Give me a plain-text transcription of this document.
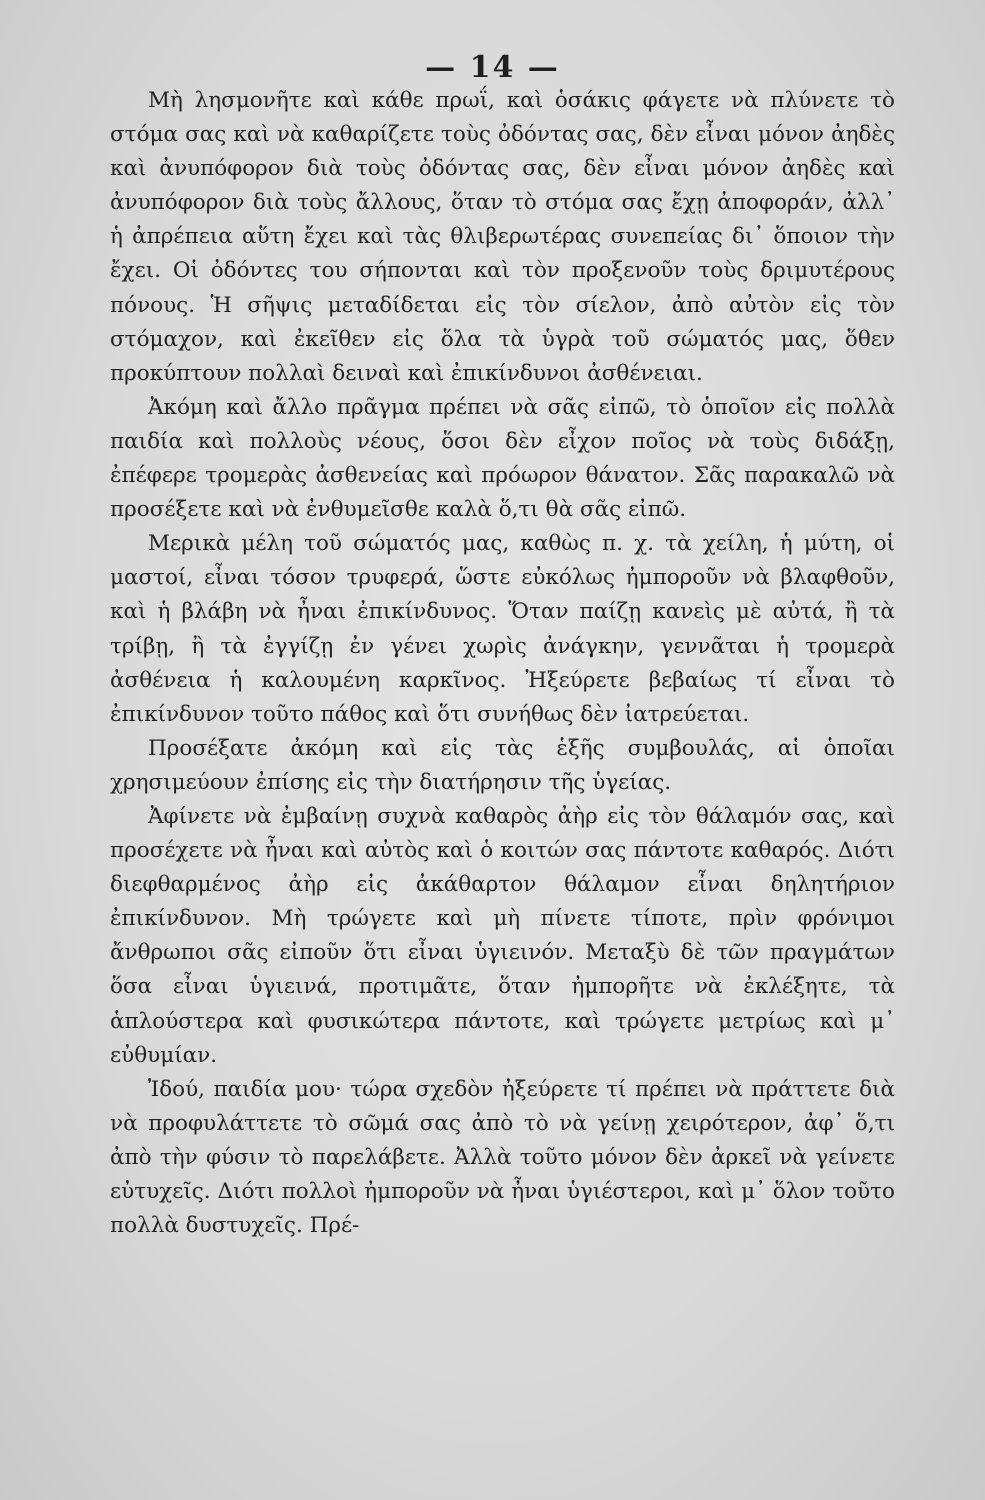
— 14 —

Μὴ λησμονῆτε καὶ κάθε πρωΐ, καὶ ὁσάκις φάγετε νὰ πλύνετε τὸ στόμα σας καὶ νὰ καθαρίζετε τοὺς ὀδόντας σας, δὲν εἶναι μόνον ἀηδὲς καὶ ἀνυπόφορον διὰ τοὺς ὀδόντας σας, δὲν εἶναι μόνον ἀηδὲς καὶ ἀνυπόφορον διὰ τοὺς ἄλλους, ὅταν τὸ στόμα σας ἔχῃ ἀποφοράν, ἀλλ᾽ ἡ ἀπρέπεια αὕτη ἔχει καὶ τὰς θλιβερωτέρας συνεπείας δι᾽ ὅποιον τὴν ἔχει. Οἱ ὀδόντες του σήπονται καὶ τὸν προξενοῦν τοὺς δριμυτέρους πόνους. Ἡ σῆψις μεταδίδεται εἰς τὸν σίελον, ἀπὸ αὐτὸν εἰς τὸν στόμαχον, καὶ ἐκεῖθεν εἰς ὅλα τὰ ὑγρὰ τοῦ σώματός μας, ὅθεν προκύπτουν πολλαὶ δειναὶ καὶ ἐπικίνδυνοι ἀσθένειαι.

Ἀκόμη καὶ ἄλλο πρᾶγμα πρέπει νὰ σᾶς εἰπῶ, τὸ ὁποῖον εἰς πολλὰ παιδία καὶ πολλοὺς νέους, ὅσοι δὲν εἶχον ποῖος νὰ τοὺς διδάξῃ, ἐπέφερε τρομερὰς ἀσθενείας καὶ πρόωρον θάνατον. Σᾶς παρακαλῶ νὰ προσέξετε καὶ νὰ ἐνθυμεῖσθε καλὰ ὅ,τι θὰ σᾶς εἰπῶ.

Μερικὰ μέλη τοῦ σώματός μας, καθὼς π. χ. τὰ χείλη, ἡ μύτη, οἱ μαστοί, εἶναι τόσον τρυφερά, ὥστε εὐκόλως ἠμποροῦν νὰ βλαφθοῦν, καὶ ἡ βλάβη νὰ ἦναι ἐπικίνδυνος. Ὅταν παίζῃ κανεὶς μὲ αὐτά, ἢ τὰ τρίβῃ, ἢ τὰ ἐγγίζῃ ἐν γένει χωρὶς ἀνάγκην, γεννᾶται ἡ τρομερὰ ἀσθένεια ἡ καλουμένη καρκῖνος. Ἠξεύρετε βεβαίως τί εἶναι τὸ ἐπικίνδυνον τοῦτο πάθος καὶ ὅτι συνήθως δὲν ἰατρεύεται.

Προσέξατε ἀκόμη καὶ εἰς τὰς ἑξῆς συμβουλάς, αἱ ὁποῖαι χρησιμεύουν ἐπίσης εἰς τὴν διατήρησιν τῆς ὑγείας.

Ἀφίνετε νὰ ἐμβαίνῃ συχνὰ καθαρὸς ἀὴρ εἰς τὸν θάλαμόν σας, καὶ προσέχετε νὰ ἦναι καὶ αὐτὸς καὶ ὁ κοιτών σας πάντοτε καθαρός. Διότι διεφθαρμένος ἀὴρ εἰς ἀκάθαρτον θάλαμον εἶναι δηλητήριον ἐπικίνδυνον. Μὴ τρώγετε καὶ μὴ πίνετε τίποτε, πρὶν φρόνιμοι ἄνθρωποι σᾶς εἰποῦν ὅτι εἶναι ὑγιεινόν. Μεταξὺ δὲ τῶν πραγμάτων ὅσα εἶναι ὑγιεινά, προτιμᾶτε, ὅταν ἠμπορῆτε νὰ ἐκλέξητε, τὰ ἁπλούστερα καὶ φυσικώτερα πάντοτε, καὶ τρώγετε μετρίως καὶ μ᾽ εὐθυμίαν.

Ἰδού, παιδία μου· τώρα σχεδὸν ἠξεύρετε τί πρέπει νὰ πράττετε διὰ νὰ προφυλάττετε τὸ σῶμά σας ἀπὸ τὸ νὰ γείνῃ χειρότερον, ἀφ᾽ ὅ,τι ἀπὸ τὴν φύσιν τὸ παρελάβετε. Ἀλλὰ τοῦτο μόνον δὲν ἀρκεῖ νὰ γείνετε εὐτυχεῖς. Διότι πολλοὶ ἠμποροῦν νὰ ἦναι ὑγιέστεροι, καὶ μ᾽ ὅλον τοῦτο πολλὰ δυστυχεῖς. Πρέ-
